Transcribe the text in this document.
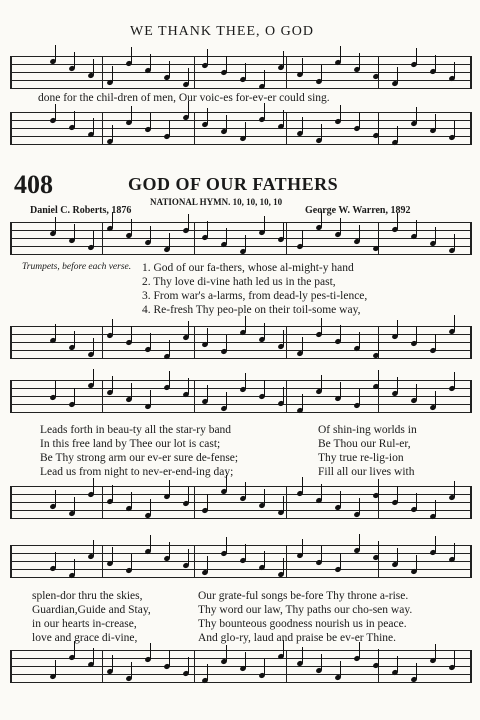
WE THANK THEE, O GOD
done for the chil-dren of men, Our voic-es for-ev-er could sing.
408	GOD OF OUR FATHERS
NATIONAL HYMN. 10, 10, 10, 10
Daniel C. Roberts, 1876	George W. Warren, 1892
Trumpets, before each verse. 1. God of our fa-thers, whose al-might-y hand
2. Thy love di-vine hath led us in the past,
3. From war's a-larms, from dead-ly pes-ti-lence,
4. Re-fresh Thy peo-ple on their toil-some way,
Leads forth in beau-ty all the star-ry band
In this free land by Thee our lot is cast;
Be Thy strong arm our ev-er sure de-fense;
Lead us from night to nev-er-end-ing day;
Of shin-ing worlds in
Be Thou our Rul-er,
Thy true re-lig-ion
Fill all our lives with
splen-dor thru the skies,
Guardian,Guide and Stay,
in our hearts in-crease,
love and grace di-vine,
Our grate-ful songs be-fore Thy throne a-rise.
Thy word our law, Thy paths our cho-sen way.
Thy bounteous goodness nourish us in peace.
And glo-ry, laud and praise be ev-er Thine.
